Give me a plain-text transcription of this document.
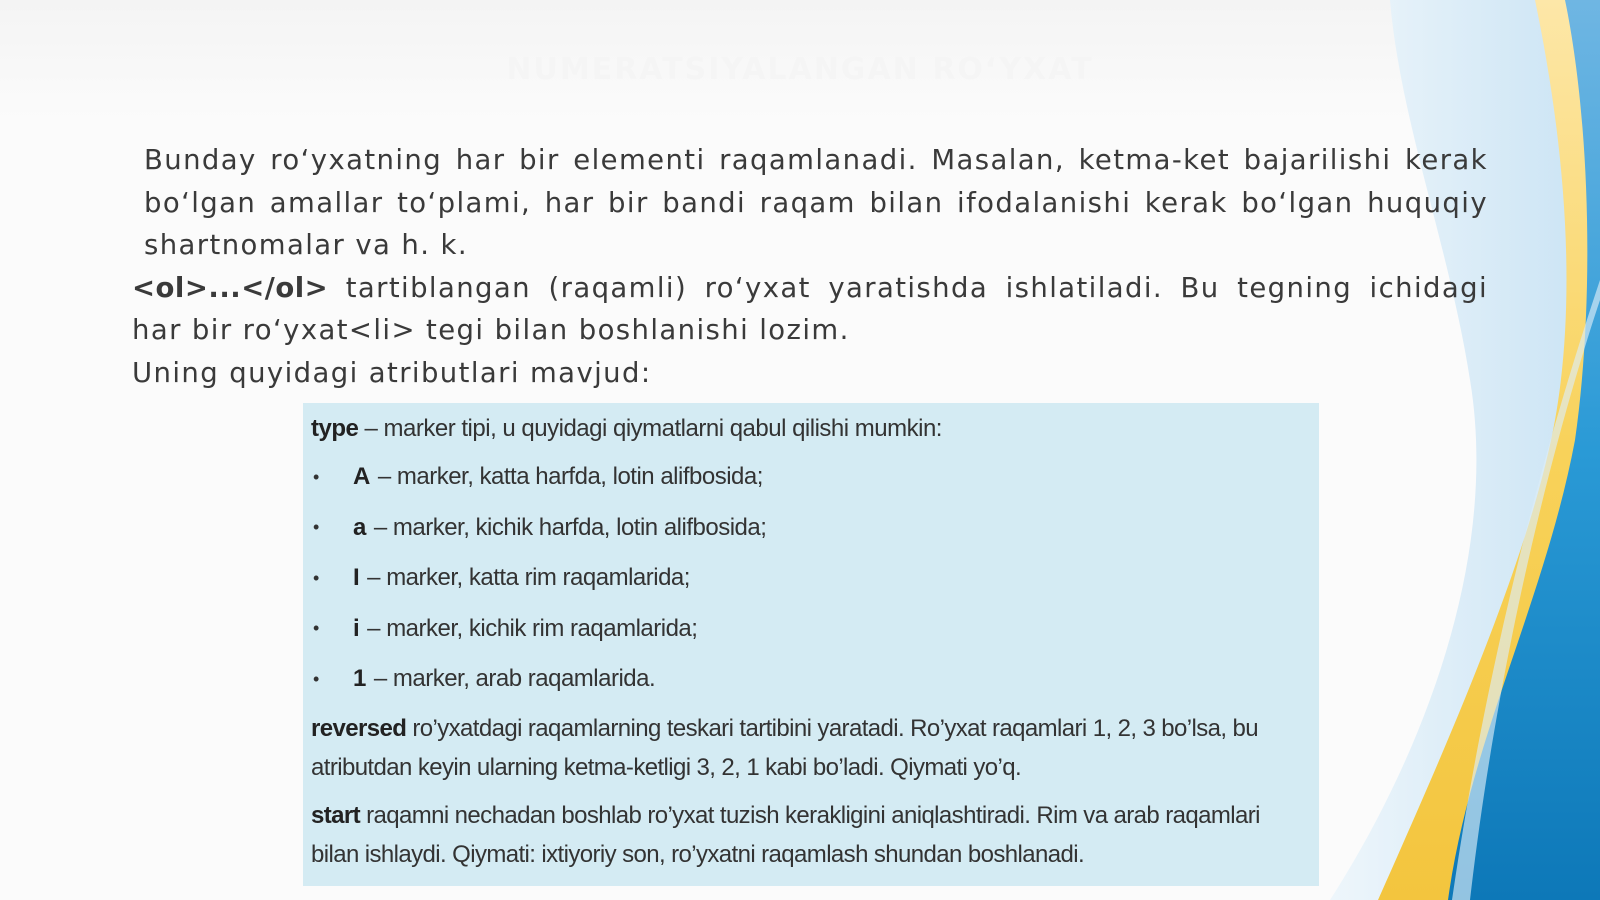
NUMERATSIYALANGAN RO‘YXAT

Bunday ro‘yxatning har bir elementi raqamlanadi. Masalan, ketma-ket bajarilishi kerak bo‘lgan amallar to‘plami, har bir bandi raqam bilan ifodalanishi kerak bo‘lgan huquqiy shartnomalar va h. k.

<ol>...</ol> tartiblangan (raqamli) ro‘yxat yaratishda ishlatiladi. Bu tegning ichidagi har bir ro‘yxat<li> tegi bilan boshlanishi lozim.

Uning quyidagi atributlari mavjud:

type – marker tipi, u quyidagi qiymatlarni qabul qilishi mumkin:
•	A – marker, katta harfda, lotin alifbosida;
•	a – marker, kichik harfda, lotin alifbosida;
•	I – marker, katta rim raqamlarida;
•	i – marker, kichik rim raqamlarida;
•	1 – marker, arab raqamlarida.
reversed ro’yxatdagi raqamlarning teskari tartibini yaratadi. Ro’yxat raqamlari 1, 2, 3 bo’lsa, bu atributdan keyin ularning ketma-ketligi 3, 2, 1 kabi bo’ladi. Qiymati yo’q.
start raqamni nechadan boshlab ro’yxat tuzish kerakligini aniqlashtiradi. Rim va arab raqamlari bilan ishlaydi. Qiymati: ixtiyoriy son, ro’yxatni raqamlash shundan boshlanadi.
